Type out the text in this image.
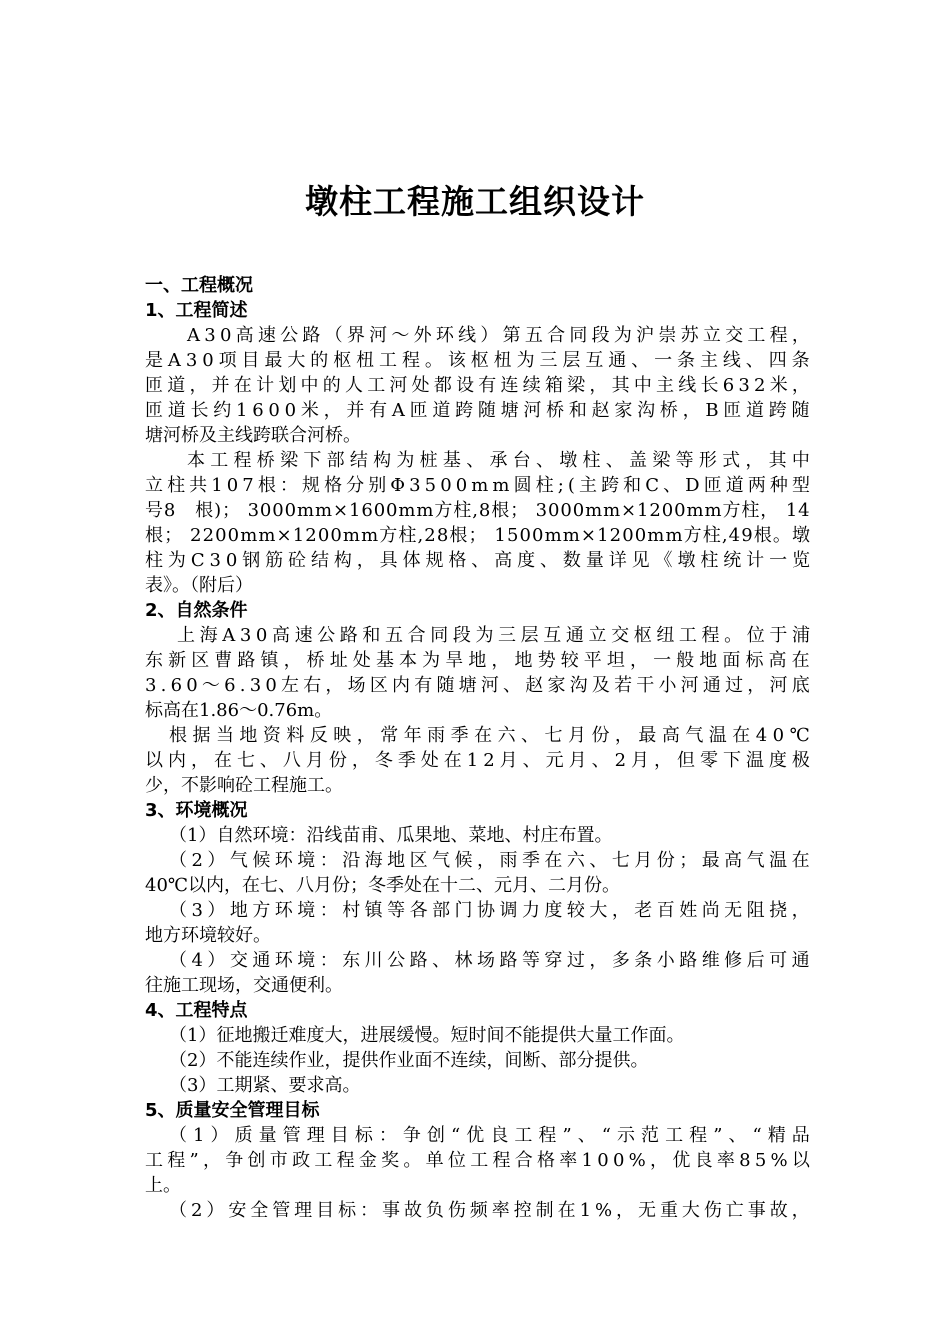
墩柱工程施工组织设计
一、工程概况
1、工程简述
A 3 0 高 速 公 路 （ 界 河 ～ 外 环 线 ） 第 五 合 同 段 为 沪 崇 苏 立 交 工 程 ，
是 A 3 0 项 目 最 大 的 枢 杻 工 程 。 该 枢 杻 为 三 层 互 通 、 一 条 主 线 、 四 条
匝 道 ， 并 在 计 划 中 的 人 工 河 处 都 设 有 连 续 箱 梁 ， 其 中 主 线 长 6 3 2 米 ，
匝 道 长 约 1 6 0 0 米 ， 并 有 A 匝 道 跨 随 塘 河 桥 和 赵 家 沟 桥 ， B 匝 道 跨 随
塘河桥及主线跨联合河桥。
本 工 程 桥 梁 下 部 结 构 为 桩 基 、 承 台 、 墩 柱 、 盖 梁 等 形 式 ， 其 中
立 柱 共 1 0 7 根 ： 规 格 分 别 Φ 3 5 0 0 m m 圆 柱 ; ( 主 跨 和 C 、 D 匝 道 两 种 型
号 8
　 根 ) ；
3 0 0 0 m m × 1 6 0 0 m m 方 柱 , 8 根 ；
3 0 0 0 m m × 1 2 0 0 m m 方 柱 ，
1 4
根 ；
2 2 0 0 m m × 1 2 0 0 m m 方 柱 , 2 8 根 ；
1 5 0 0 m m × 1 2 0 0 m m 方 柱 , 4 9 根 。 墩
柱 为 C 3 0 钢 筋 砼 结 构 ， 具 体 规 格 、 高 度 、 数 量 详 见 《 墩 柱 统 计 一 览
表》。（附后）
2、自然条件
上 海 A 3 0 高 速 公 路 和 五 合 同 段 为 三 层 互 通 立 交 枢 纽 工 程 。 位 于 浦
东 新 区 曹 路 镇 ， 桥 址 处 基 本 为 旱 地 ， 地 势 较 平 坦 ， 一 般 地 面 标 高 在
3 . 6 0 ～ 6 . 3 0 左 右 ， 场 区 内 有 随 塘 河 、 赵 家 沟 及 若 干 小 河 通 过 ， 河 底
标高在1.86～0.76m。
根 据 当 地 资 料 反 映 ， 常 年 雨 季 在 六 、 七 月 份 ， 最 高 气 温 在 4 0 ℃
以 内 ， 在 七 、 八 月 份 ， 冬 季 处 在 1 2 月 、 元 月 、 2 月 ， 但 零 下 温 度 极
少，不影响砼工程施工。
3、环境概况
（1）自然环境：沿线苗甫、瓜果地、菜地、村庄布置。
（ 2 ） 气 候 环 境 ： 沿 海 地 区 气 候 ， 雨 季 在 六 、 七 月 份 ； 最 高 气 温 在
40℃以内，在七、八月份；冬季处在十二、元月、二月份。
（ 3 ） 地 方 环 境 ： 村 镇 等 各 部 门 协 调 力 度 较 大 ， 老 百 姓 尚 无 阻 挠 ，
地方环境较好。
（ 4 ） 交 通 环 境 ： 东 川 公 路 、 林 场 路 等 穿 过 ， 多 条 小 路 维 修 后 可 通
往施工现场，交通便利。
4、工程特点
（1）征地搬迁难度大，进展缓慢。短时间不能提供大量工作面。
（2）不能连续作业，提供作业面不连续，间断、部分提供。
（3）工期紧、要求高。
5、质量安全管理目标
（ 1 ） 质 量 管 理 目 标 ： 争 创 “ 优 良 工 程 ” 、 “ 示 范 工 程 ” 、 “ 精 品
工 程 ” ， 争 创 市 政 工 程 金 奖 。 单 位 工 程 合 格 率 1 0 0 % ， 优 良 率 8 5 % 以
上。
（ 2 ） 安 全 管 理 目 标 ： 事 故 负 伤 频 率 控 制 在 1 % ， 无 重 大 伤 亡 事 故 ，
